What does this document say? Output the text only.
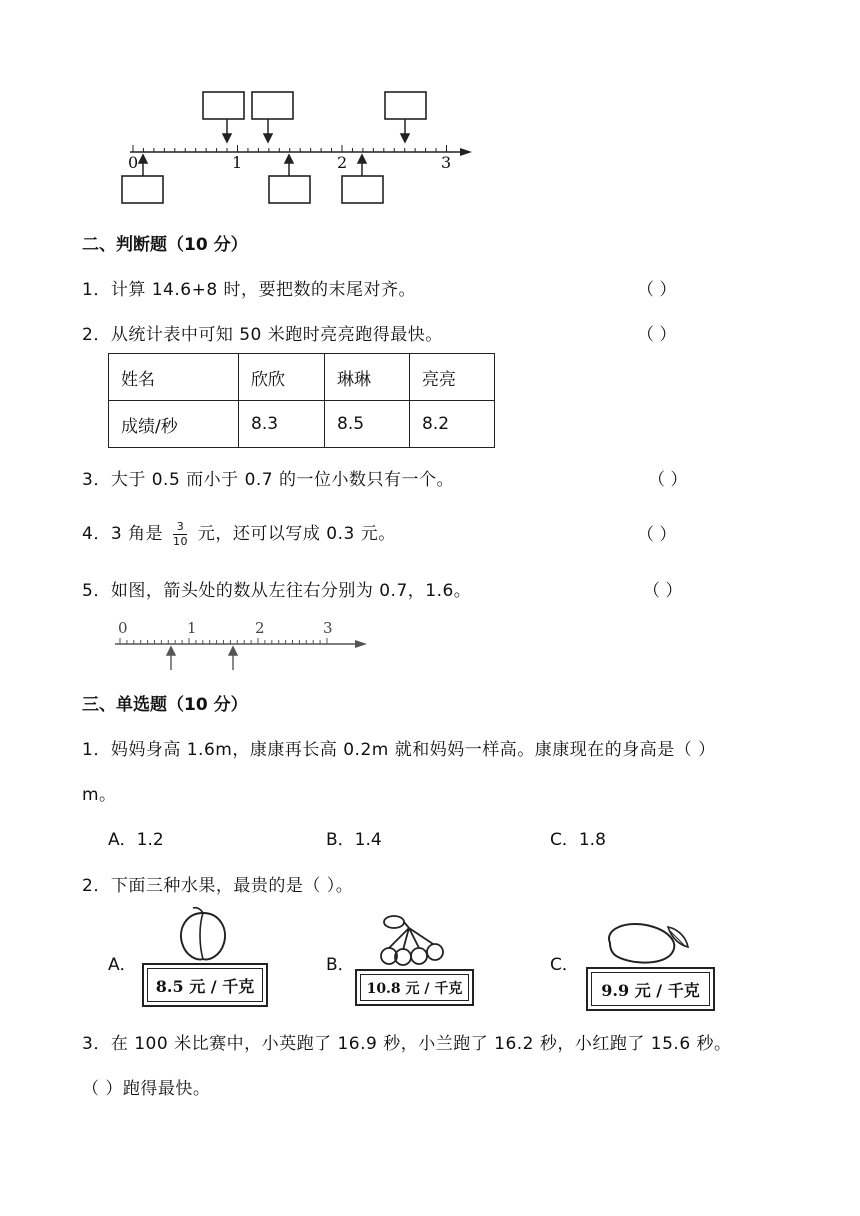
0	1	2	3
二、判断题（10 分）
1．计算 14.6+8 时，要把数的末尾对齐。	（ ）
2．从统计表中可知 50 米跑时亮亮跑得最快。	（ ）
姓名	欣欣	琳琳	亮亮
成绩/秒	8.3	8.5	8.2
3．大于 0.5 而小于 0.7 的一位小数只有一个。	（ ）
4．3 角是 $\frac{3}{10}$ 元，还可以写成 0.3 元。	（ ）
5．如图，箭头处的数从左往右分别为 0.7，1.6。	（ ）
0	1	2	3
三、单选题（10 分）
1．妈妈身高 1.6m，康康再长高 0.2m 就和妈妈一样高。康康现在的身高是（ ）
m。
A．1.2	B．1.4	C．1.8
2．下面三种水果，最贵的是（ ）。
A．	B．	C．
8.5 元 / 千克	10.8 元 / 千克	9.9 元 / 千克
3．在 100 米比赛中，小英跑了 16.9 秒，小兰跑了 16.2 秒，小红跑了 15.6 秒。
（ ）跑得最快。
